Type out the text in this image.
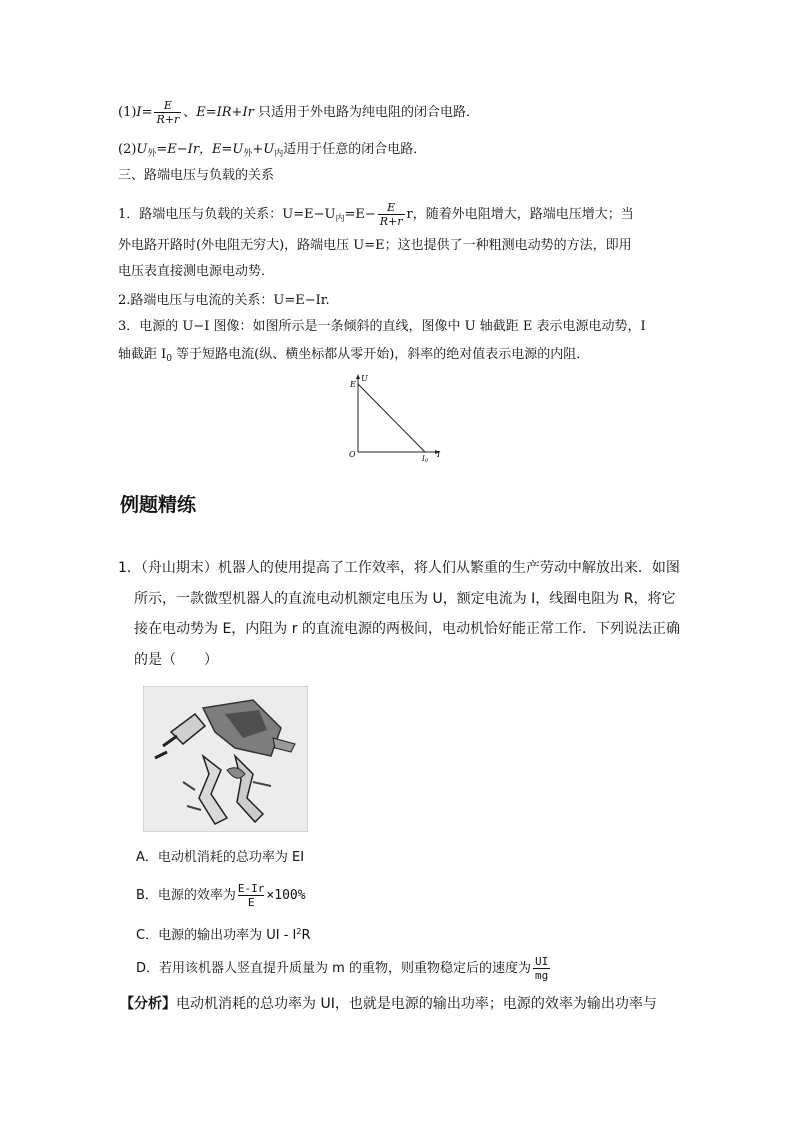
$(1)I= \frac{E}{R+r}$ 、E=IR+Ir 只适用于外电路为纯电阻的闭合电路．
$(2)U_外=E-Ir$，$E=U_外+U_内$适用于任意的闭合电路．
三、路端电压与负载的关系
1．路端电压与负载的关系：$U=E-U_内=E- \frac{E}{R+r}$ r，随着外电阻增大，路端电压增大；当
外电路开路时(外电阻无穷大)，路端电压 U=E；这也提供了一种粗测电动势的方法，即用
电压表直接测电源电动势．
2.路端电压与电流的关系：U=E−Ir.
3．电源的 U−I 图像：如图所示是一条倾斜的直线，图像中 U 轴截距 E 表示电源电动势，I
轴截距 $I_0$ 等于短路电流(纵、横坐标都从零开始)，斜率的绝对值表示电源的内阻．
U
E
O	I
I0
例题精练
1．（舟山期末）机器人的使用提高了工作效率，将人们从繁重的生产劳动中解放出来．如图
所示，一款微型机器人的直流电动机额定电压为 U，额定电流为 I，线圈电阻为 R，将它
接在电动势为 E，内阻为 r 的直流电源的两极间，电动机恰好能正常工作．下列说法正确
的是（　　）
A．电动机消耗的总功率为 EI
B．电源的效率为 $\frac{E-Ir}{E} \times 100\%$
C．电源的输出功率为 UI - $I^2R$
D．若用该机器人竖直提升质量为 m 的重物，则重物稳定后的速度为 $\frac{UI}{mg}$
【分析】电动机消耗的总功率为 UI，也就是电源的输出功率；电源的效率为输出功率与
